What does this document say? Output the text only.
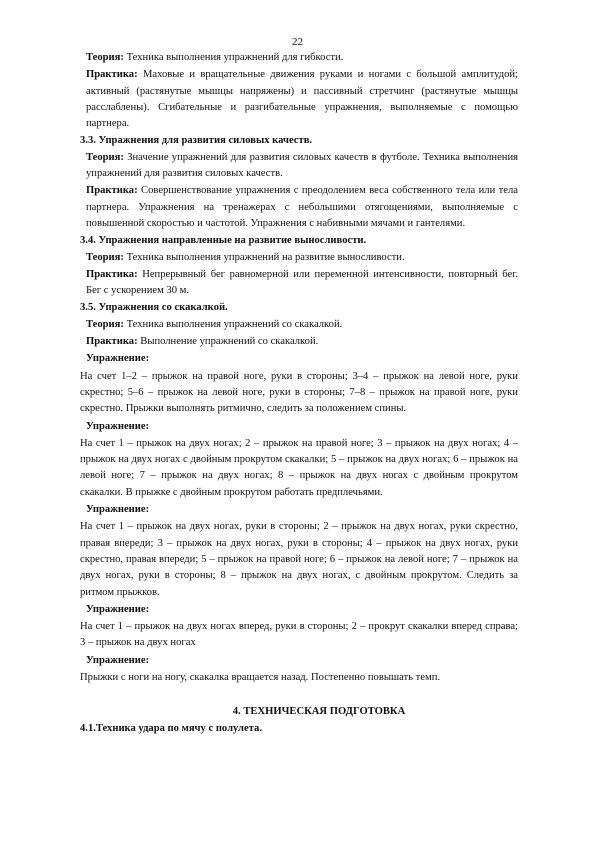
22

Теория: Техника выполнения упражнений для гибкости.

Практика: Маховые и вращательные движения руками и ногами с большой амплитудой; активный (растянутые мышцы напряжены) и пассивный стретчинг (растянутые мышцы расслаблены). Сгибательные и разгибательные упражнения, выполняемые с помощью партнера.

3.3. Упражнения для развития силовых качеств.

Теория: Значение упражнений для развития силовых качеств в футболе. Техника выполнения упражнений для развития силовых качеств.

Практика: Совершенствование упражнения с преодолением веса собственного тела или тела партнера. Упражнения на тренажерах с небольшими отягощениями, выполняемые с повышенной скоростью и частотой. Упражнения с набивными мячами и гантелями.

3.4. Упражнения направленные на развитие выносливости.

Теория: Техника выполнения упражнений на развитие выносливости.

Практика: Непрерывный бег равномерной или переменной интенсивности, повторный бег. Бег с ускорением 30 м.

3.5. Упражнения со скакалкой.

Теория: Техника выполнения упражнений со скакалкой.

Практика: Выполнение упражнений со скакалкой.

Упражнение:

На счет 1–2 – прыжок на правой ноге, руки в стороны; 3–4 – прыжок на левой ноге, руки скрестно; 5–6 – прыжок на левой ноге, руки в стороны; 7–8 – прыжок на правой ноге, руки скрестно. Прыжки выполнять ритмично, следить за положением спины.

Упражнение:

На счет 1 – прыжок на двух ногах; 2 – прыжок на правой ноге; 3 – прыжок на двух ногах; 4 – прыжок на двух ногах с двойным прокрутом скакалки; 5 – прыжок на двух ногах; 6 – прыжок на левой ноге; 7 – прыжок на двух ногах; 8 – прыжок на двух ногах с двойным прокрутом скакалки. В прыжке с двойным прокрутом работать предплечьями.

Упражнение:

На счет 1 – прыжок на двух ногах, руки в стороны; 2 – прыжок на двух ногах, руки скрестно, правая впереди; 3 – прыжок на двух ногах, руки в стороны; 4 – прыжок на двух ногах, руки скрестно, правая впереди; 5 – прыжок на правой ноге; 6 – прыжок на левой ноге; 7 – прыжок на двух ногах, руки в стороны; 8 – прыжок на двух ногах, с двойным прокрутом. Следить за ритмом прыжков.

Упражнение:

На счет 1 – прыжок на двух ногах вперед, руки в стороны; 2 – прокрут скакалки вперед справа; 3 – прыжок на двух ногах

Упражнение:

Прыжки с ноги на ногу, скакалка вращается назад. Постепенно повышать темп.

4. ТЕХНИЧЕСКАЯ ПОДГОТОВКА

4.1.Техника удара по мячу с полулета.
